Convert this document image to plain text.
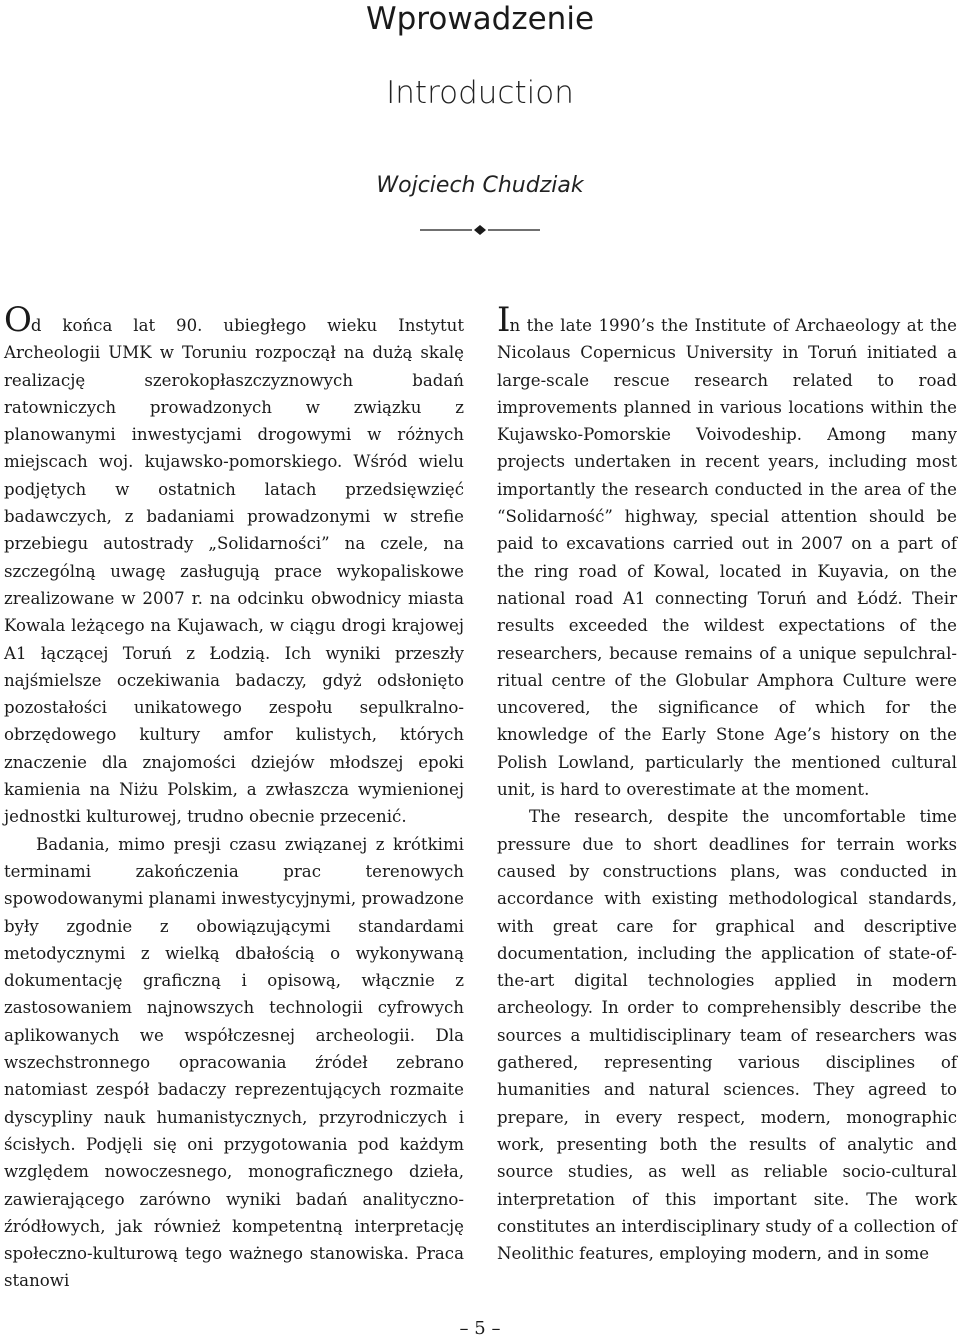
Wprowadzenie
Introduction
Wojciech Chudziak

Od końca lat 90. ubiegłego wieku Instytut Archeologii UMK w Toruniu rozpoczął na dużą skalę realizację szerokopłaszczyznowych badań ratowniczych prowadzonych w związku z planowanymi inwestycjami drogowymi w różnych miejscach woj. kujawsko-pomorskiego. Wśród wielu podjętych w ostatnich latach przedsięwzięć badawczych, z badaniami prowadzonymi w strefie przebiegu autostrady „Solidarności” na czele, na szczególną uwagę zasługują prace wykopaliskowe zrealizowane w 2007 r. na odcinku obwodnicy miasta Kowala leżącego na Kujawach, w ciągu drogi krajowej A1 łączącej Toruń z Łodzią. Ich wyniki przeszły najśmielsze oczekiwania badaczy, gdyż odsłonięto pozostałości unikatowego zespołu sepulkralno-obrzędowego kultury amfor kulistych, których znaczenie dla znajomości dziejów młodszej epoki kamienia na Niżu Polskim, a zwłaszcza wymienionej jednostki kulturowej, trudno obecnie przecenić.

Badania, mimo presji czasu związanej z krótkimi terminami zakończenia prac terenowych spowodowanymi planami inwestycyjnymi, prowadzone były zgodnie z obowiązującymi standardami metodycznymi z wielką dbałością o wykonywaną dokumentację graficzną i opisową, włącznie z zastosowaniem najnowszych technologii cyfrowych aplikowanych we współczesnej archeologii. Dla wszechstronnego opracowania źródeł zebrano natomiast zespół badaczy reprezentujących rozmaite dyscypliny nauk humanistycznych, przyrodniczych i ścisłych. Podjęli się oni przygotowania pod każdym względem nowoczesnego, monograficznego dzieła, zawierającego zarówno wyniki badań analityczno-źródłowych, jak również kompetentną interpretację społeczno-kulturową tego ważnego stanowiska. Praca stanowi

In the late 1990’s the Institute of Archaeology at the Nicolaus Copernicus University in Toruń initiated a large-scale rescue research related to road improvements planned in various locations within the Kujawsko-Pomorskie Voivodeship. Among many projects undertaken in recent years, including most importantly the research conducted in the area of the “Solidarność” highway, special attention should be paid to excavations carried out in 2007 on a part of the ring road of Kowal, located in Kuyavia, on the national road A1 connecting Toruń and Łódź. Their results exceeded the wildest expectations of the researchers, because remains of a unique sepulchral-ritual centre of the Globular Amphora Culture were uncovered, the significance of which for the knowledge of the Early Stone Age’s history on the Polish Lowland, particularly the mentioned cultural unit, is hard to overestimate at the moment.

The research, despite the uncomfortable time pressure due to short deadlines for terrain works caused by constructions plans, was conducted in accordance with existing methodological standards, with great care for graphical and descriptive documentation, including the application of state-of-the-art digital technologies applied in modern archeology. In order to comprehensibly describe the sources a multidisciplinary team of researchers was gathered, representing various disciplines of humanities and natural sciences. They agreed to prepare, in every respect, modern, monographic work, presenting both the results of analytic and source studies, as well as reliable socio-cultural interpretation of this important site. The work constitutes an interdisciplinary study of a collection of Neolithic features, employing modern, and in some

– 5 –
